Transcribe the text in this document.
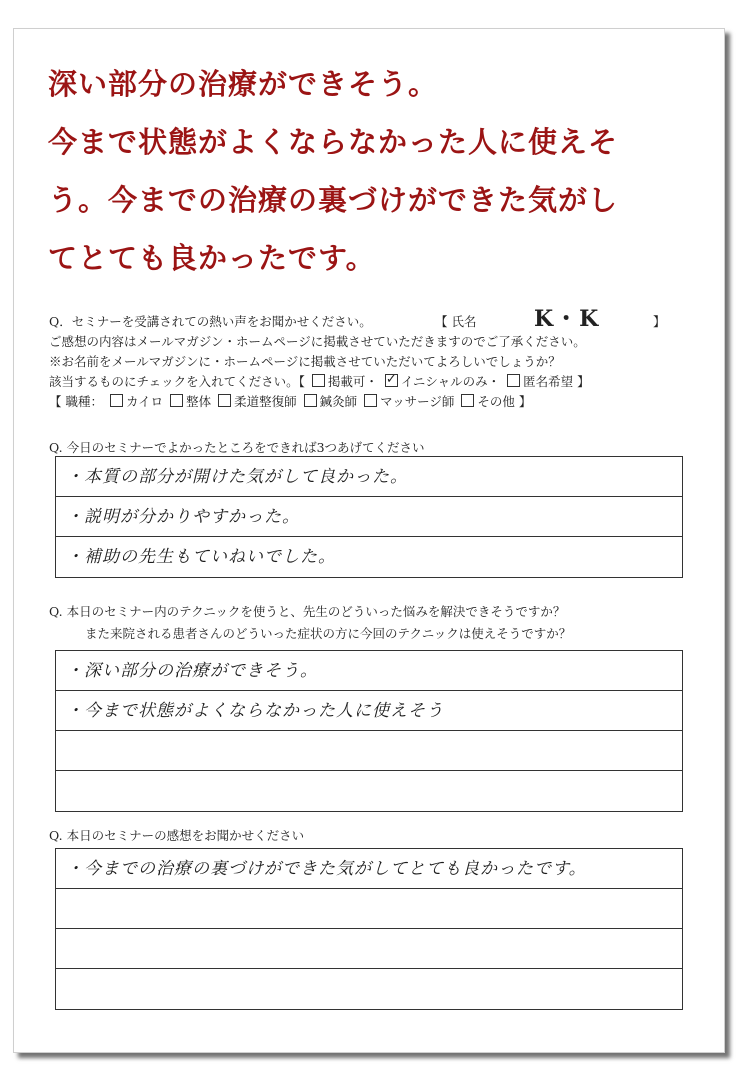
深い部分の治療ができそう。
今まで状態がよくならなかった人に使えそ
う。今までの治療の裏づけができた気がし
てとても良かったです。
Q．セミナーを受講されての熱い声をお聞かせください。	【 氏名	K・K	】
ご感想の内容はメールマガジン・ホームページに掲載させていただきますのでご了承ください。
※お名前をメールマガジンに・ホームページに掲載させていただいてよろしいでしょうか？
該当するものにチェックを入れてください。【 掲載可・ ✓ イニシャルのみ・ 匿名希望 】
【 職種： カイロ 整体 柔道整復師 鍼灸師 マッサージ師 その他 】
Q. 今日のセミナーでよかったところをできれば3つあげてください
・本質の部分が開けた気がして良かった。
・説明が分かりやすかった。
・補助の先生もていねいでした。
Q. 本日のセミナー内のテクニックを使うと、先生のどういった悩みを解決できそうですか？
また来院される患者さんのどういった症状の方に今回のテクニックは使えそうですか？
・深い部分の治療ができそう。
・今まで状態がよくならなかった人に使えそう
Q. 本日のセミナーの感想をお聞かせください
・今までの治療の裏づけができた気がしてとても良かったです。
